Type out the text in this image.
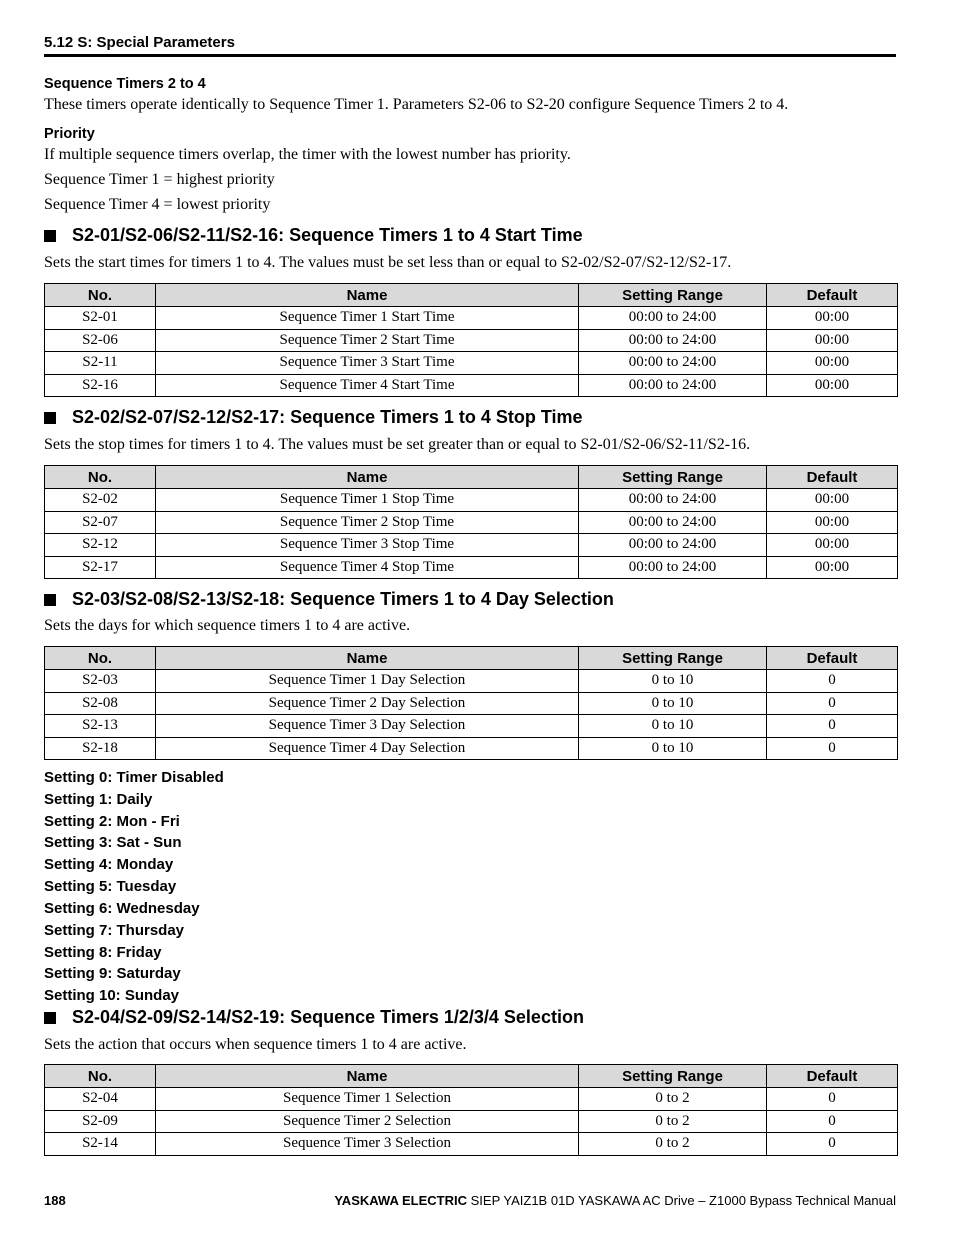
5.12 S: Special Parameters
Sequence Timers 2 to 4
These timers operate identically to Sequence Timer 1. Parameters S2-06 to S2-20 configure Sequence Timers 2 to 4.
Priority
If multiple sequence timers overlap, the timer with the lowest number has priority.
Sequence Timer 1 = highest priority
Sequence Timer 4 = lowest priority
S2-01/S2-06/S2-11/S2-16: Sequence Timers 1 to 4 Start Time
Sets the start times for timers 1 to 4. The values must be set less than or equal to S2-02/S2-07/S2-12/S2-17.
No.	Name	Setting Range	Default
S2-01	Sequence Timer 1 Start Time	00:00 to 24:00	00:00
S2-06	Sequence Timer 2 Start Time	00:00 to 24:00	00:00
S2-11	Sequence Timer 3 Start Time	00:00 to 24:00	00:00
S2-16	Sequence Timer 4 Start Time	00:00 to 24:00	00:00
S2-02/S2-07/S2-12/S2-17: Sequence Timers 1 to 4 Stop Time
Sets the stop times for timers 1 to 4. The values must be set greater than or equal to S2-01/S2-06/S2-11/S2-16.
No.	Name	Setting Range	Default
S2-02	Sequence Timer 1 Stop Time	00:00 to 24:00	00:00
S2-07	Sequence Timer 2 Stop Time	00:00 to 24:00	00:00
S2-12	Sequence Timer 3 Stop Time	00:00 to 24:00	00:00
S2-17	Sequence Timer 4 Stop Time	00:00 to 24:00	00:00
S2-03/S2-08/S2-13/S2-18: Sequence Timers 1 to 4 Day Selection
Sets the days for which sequence timers 1 to 4 are active.
No.	Name	Setting Range	Default
S2-03	Sequence Timer 1 Day Selection	0 to 10	0
S2-08	Sequence Timer 2 Day Selection	0 to 10	0
S2-13	Sequence Timer 3 Day Selection	0 to 10	0
S2-18	Sequence Timer 4 Day Selection	0 to 10	0
Setting 0: Timer Disabled
Setting 1: Daily
Setting 2: Mon - Fri
Setting 3: Sat - Sun
Setting 4: Monday
Setting 5: Tuesday
Setting 6: Wednesday
Setting 7: Thursday
Setting 8: Friday
Setting 9: Saturday
Setting 10: Sunday
S2-04/S2-09/S2-14/S2-19: Sequence Timers 1/2/3/4 Selection
Sets the action that occurs when sequence timers 1 to 4 are active.
No.	Name	Setting Range	Default
S2-04	Sequence Timer 1 Selection	0 to 2	0
S2-09	Sequence Timer 2 Selection	0 to 2	0
S2-14	Sequence Timer 3 Selection	0 to 2	0
188	YASKAWA ELECTRIC SIEP YAIZ1B 01D YASKAWA AC Drive – Z1000 Bypass Technical Manual
